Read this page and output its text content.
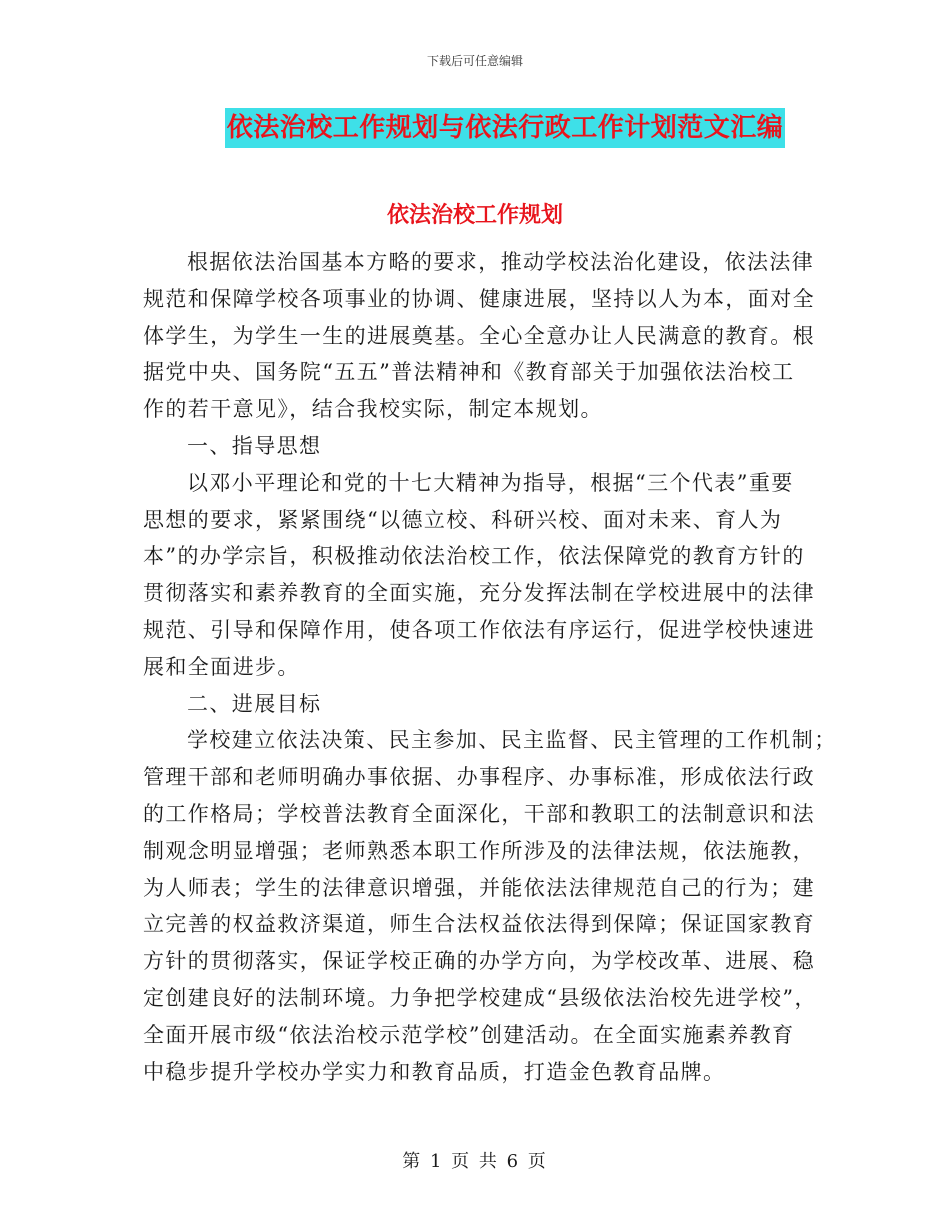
下载后可任意编辑

依法治校工作规划与依法行政工作计划范文汇编
依法治校工作规划

根据依法治国基本方略的要求，推动学校法治化建设，依法法律

规范和保障学校各项事业的协调、健康进展，坚持以人为本，面对全

体学生，为学生一生的进展奠基。全心全意办让人民满意的教育。根

据党中央、国务院“五五”普法精神和《教育部关于加强依法治校工

作的若干意见》，结合我校实际，制定本规划。

一、指导思想

以邓小平理论和党的十七大精神为指导，根据“三个代表”重要

思想的要求，紧紧围绕“以德立校、科研兴校、面对未来、育人为

本”的办学宗旨，积极推动依法治校工作，依法保障党的教育方针的

贯彻落实和素养教育的全面实施，充分发挥法制在学校进展中的法律

规范、引导和保障作用，使各项工作依法有序运行，促进学校快速进

展和全面进步。

二、进展目标

学校建立依法决策、民主参加、民主监督、民主管理的工作机制；

管理干部和老师明确办事依据、办事程序、办事标准，形成依法行政

的工作格局；学校普法教育全面深化，干部和教职工的法制意识和法

制观念明显增强；老师熟悉本职工作所涉及的法律法规，依法施教，

为人师表；学生的法律意识增强，并能依法法律规范自己的行为；建

立完善的权益救济渠道，师生合法权益依法得到保障；保证国家教育

方针的贯彻落实，保证学校正确的办学方向，为学校改革、进展、稳

定创建良好的法制环境。力争把学校建成“县级依法治校先进学校”，

全面开展市级“依法治校示范学校”创建活动。在全面实施素养教育

中稳步提升学校办学实力和教育品质，打造金色教育品牌。

第 1 页 共 6 页
